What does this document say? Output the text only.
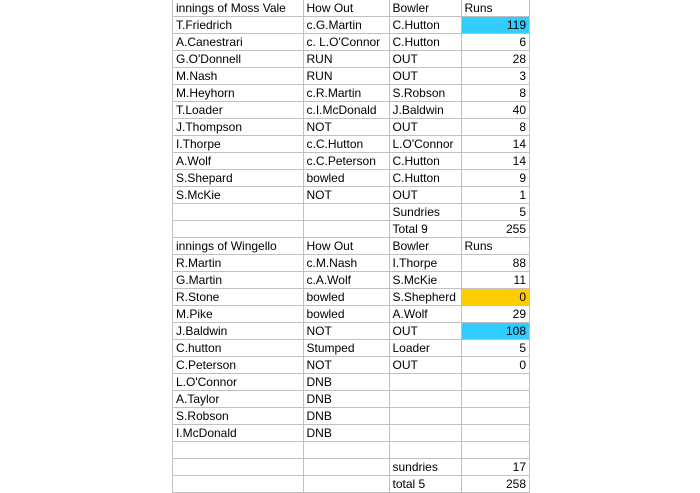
innings of Moss Vale	How Out	Bowler	Runs
T.Friedrich	c.G.Martin	C.Hutton	119
A.Canestrari	c. L.O'Connor	C.Hutton	6
G.O'Donnell	RUN	OUT	28
M.Nash	RUN	OUT	3
M.Heyhorn	c.R.Martin	S.Robson	8
T.Loader	c.I.McDonald	J.Baldwin	40
J.Thompson	NOT	OUT	8
I.Thorpe	c.C.Hutton	L.O'Connor	14
A.Wolf	c.C.Peterson	C.Hutton	14
S.Shepard	bowled	C.Hutton	9
S.McKie	NOT	OUT	1
		Sundries	5
		Total 9	255
innings of Wingello	How Out	Bowler	Runs
R.Martin	c.M.Nash	I.Thorpe	88
G.Martin	c.A.Wolf	S.McKie	11
R.Stone	bowled	S.Shepherd	0
M.Pike	bowled	A.Wolf	29
J.Baldwin	NOT	OUT	108
C.hutton	Stumped	Loader	5
C.Peterson	NOT	OUT	0
L.O'Connor	DNB		
A.Taylor	DNB		
S.Robson	DNB		
I.McDonald	DNB		

		sundries	17
		total 5	258
